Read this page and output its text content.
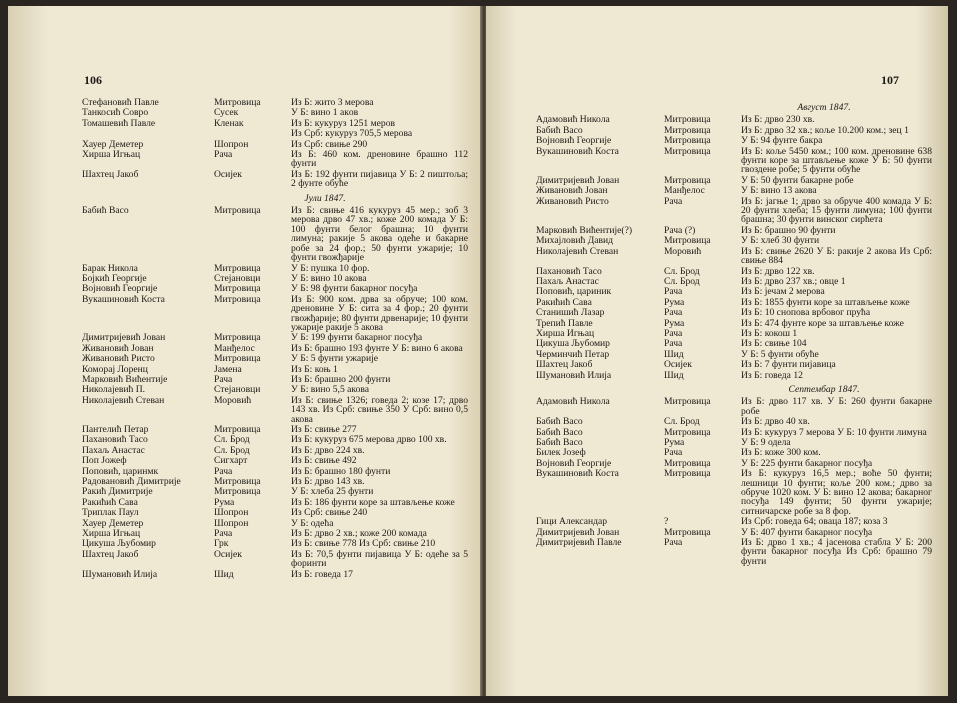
106
Стефановић Павле	Митровица	Из Б: жито 3 мерова
Танкосић Совро	Сусек	У Б: вино 1 акoв
Томашевић Павле	Кленак	Из Б: кукуруз 1251 меров
Из Срб: кукуруз 705,5 мерова
Хауер Деметер	Шопрон	Из Срб: свиње 290
Хирша Игњац	Рача	Из Б: 460 ком. дреновине брашно 112 фунти
Шахтец Јакоб	Осијек	Из Б: 192 фунти пијавица У Б: 2 пиштоља; 2 фунте обуће
Јули 1847.
Бабић Васо	Митровица	Из Б: свиње 416 кукуруз 45 мер.; зоб 3 мерова дрво 47 хв.; коже 200 комада У Б: 100 фунти белог брашна; 10 фунти лимуна; ракије 5 акова одеће и бакарне робе за 24 фор.; 50 фунти ужарије; 10 фунти гвожђарије
Барак Никола	Митровица	У Б: пушка 10 фор.
Бојкић Георгије	Стејановци	У Б: вино 10 акова
Војновић Георгије	Митровица	У Б: 98 фунти бакарног посуђа
Вукашиновић Коста	Митровица	Из Б: 900 ком. дрва за обруче; 100 ком. дреновине У Б: сита за 4 фор.; 20 фунти гвожђарије; 80 фунти дрвенарије; 10 фунти ужарије ракије 5 акова
Димитријевић Јован	Митровица	У Б: 199 фунти бакарног посуђа
Живановић Јован	Манђелос	Из Б: брашно 193 фунте У Б: вино 6 акова
Живановић Ристо	Митровица	У Б: 5 фунти ужарије
Комораj Лоренц	Јамена	Из Б: коњ 1
Марковић Вићентије	Рача	Из Б: брашно 200 фунти
Николајевић П.	Стејановци	У Б: вино 5,5 акова
Николајевић Стеван	Моровић	Из Б: свиње 1326; говеда 2; козе 17; дрво 143 хв. Из Срб: свиње 350 У Срб: вино 0,5 акова
Пантелић Петар	Митровица	Из Б: свиње 277
Пахановић Тасо	Сл. Брод	Из Б: кукуруз 675 мерова дрво 100 хв.
Пахаљ Анастас	Сл. Брод	Из Б: дрво 224 хв.
Поп Јожеф	Сигхарт	Из Б: свиње 492
Поповић, царинмк	Рача	Из Б: брашно 180 фунти
Радовановић Димитрије	Митровица	Из Б: дрво 143 хв.
Ракић Димитрије	Митровица	У Б: хлеба 25 фунти
Ракићић Сава	Рума	Из Б: 186 фунти коре за штављење коже
Триплак Паул	Шопрон	Из Срб: свиње 240
Хауер Деметер	Шопрон	У Б: одећа
Хирша Игњац	Рача	Из Б: дрво 2 хв.; коже 200 комада
Цикуша Љубомир	Грк	Из Б: свиње 778 Из Срб: свиње 210
Шахтец Јакоб	Осијек	Из Б: 70,5 фунти пијавица У Б: одеће за 5 форинти
Шумановић Илија	Шид	Из Б: говеда 17
107
Август 1847.
Адамовић Никола	Митровица	Из Б: дрво 230 хв.
Бабић Васо	Митровица	Из Б: дрво 32 хв.; коље 10.200 ком.; зец 1
Војновић Георгије	Митровица	У Б: 94 фунте бакра
Вукашиновић Коста	Митровица	Из Б: коље 5450 ком.; 100 ком. дреновине 638 фунти коре за штављење коже У Б: 50 фунти гвоздене робе; 5 фунти обуће
Димитријевић Јован	Митровица	У Б: 50 фунти бакарне робе
Живановић Јован	Манђелос	У Б: вино 13 акова
Живановић Ристо	Рача	Из Б: јагње 1; дрво за обруче 400 комада У Б: 20 фунти хлеба; 15 фунти лимуна; 100 фунти брашна; 30 фунти винског сирћета
Марковић Вићентије(?)	Рача (?)	Из Б: брашно 90 фунти
Михајловић Давид	Митровица	У Б: хлеб 30 фунти
Николајевић Стеван	Моровић	Из Б: свиње 2620 У Б: ракије 2 акова Из Срб: свиње 884
Пахановић Тасо	Сл. Брод	Из Б: дрво 122 хв.
Пахаљ Анастас	Сл. Брод	Из Б: дрво 237 хв.; овце 1
Поповић, цариник	Рача	Из Б: јечам 2 мерова
Ракићић Сава	Рума	Из Б: 1855 фунти коре за штављење коже
Станишић Лазар	Рача	Из Б: 10 снопова врбовог прућа
Трепић Павле	Рума	Из Б: 474 фунте коре за штављење коже
Хирша Игњац	Рача	Из Б: кокош 1
Цикуша Љубомир	Рача	Из Б: свиње 104
Черминчић Петар	Шид	У Б: 5 фунти обуће
Шахтец Јакоб	Осијек	Из Б: 7 фунти пијавица
Шумановић Илија	Шид	Из Б: говеда 12
Септембар 1847.
Адамовић Никола	Митровица	Из Б: дрво 117 хв. У Б: 260 фунти бакарне робе
Бабић Васо	Сл. Брод	Из Б: дрво 40 хв.
Бабић Васо	Митровица	Из Б: кукуруз 7 мерова У Б: 10 фунти лимуна
Бабић Васо	Рума	У Б: 9 одела
Билек Јозеф	Рача	Из Б: коже 300 ком.
Војновић Георгије	Митровица	У Б: 225 фунти бакарног посуђа
Вукашиновић Коста	Митровица	Из Б: кукуруз 16,5 мер.; воће 50 фунти; лешници 10 фунти; коље 200 ком.; дрво за обруче 1020 ком. У Б: вино 12 акова; бакарног посуђа 149 фунти; 50 фунти ужарије; ситничарске робе за 8 фор.
Гици Александар	?	Из Срб: говеда 64; овaца 187; коза 3
Димитријевић Јован	Митровица	У Б: 407 фунти бакарног посуђа
Димитријевић Павле	Рача	Из Б: дрво 1 хв.; 4 јасенова стабла У Б: 200 фунти бакарног посуђа Из Срб: брашно 79 фунти
